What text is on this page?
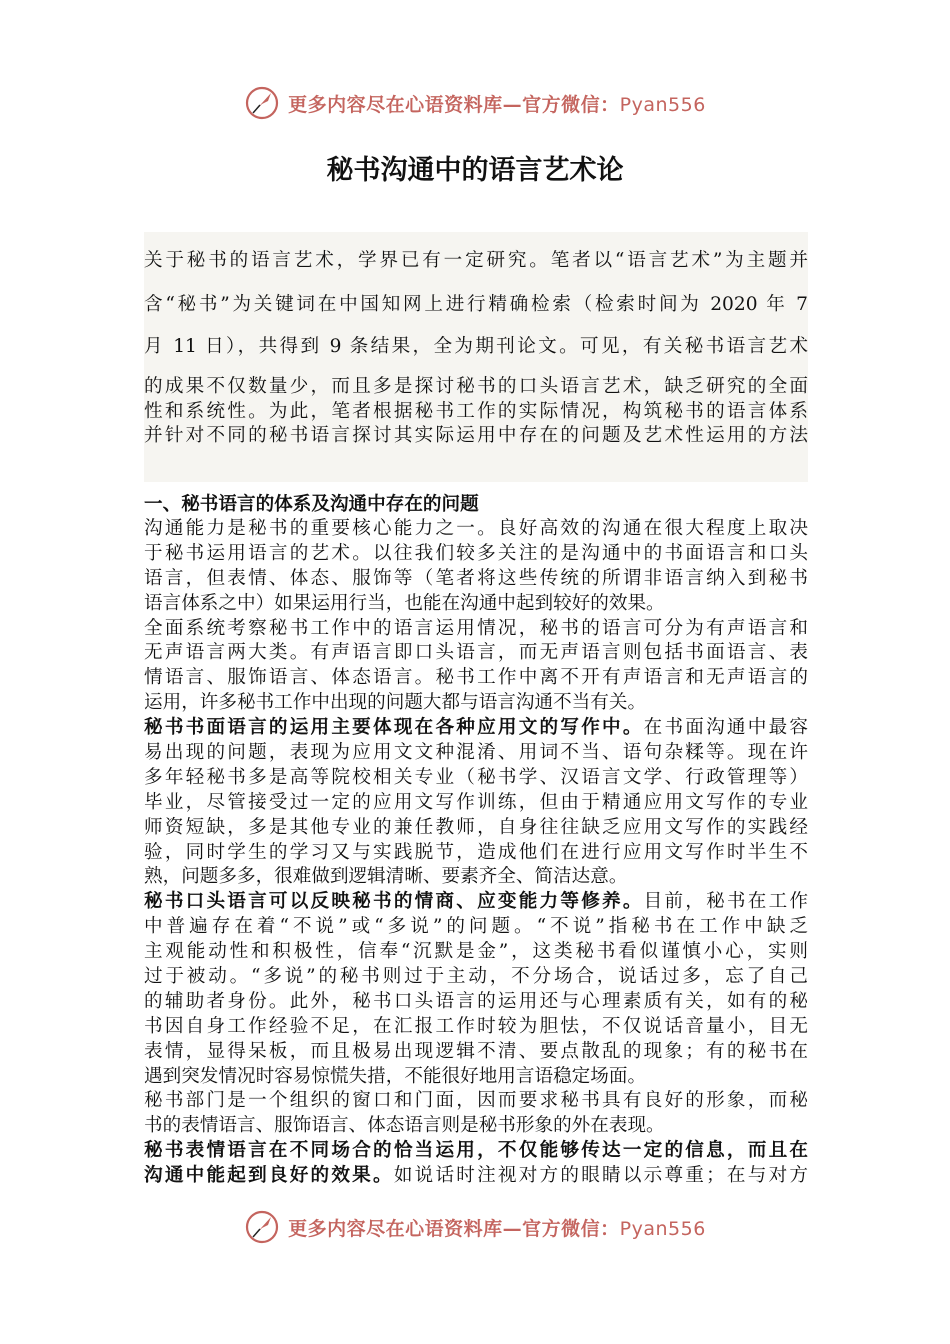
更多内容尽在心语资料库—官方微信：Pyan556
秘书沟通中的语言艺术论

关于秘书的语言艺术，学界已有一定研究。笔者以“语言艺术”为主题并

含“秘书”为关键词在中国知网上进行精确检索（检索时间为 2020 年 7

月 11 日），共得到 9 条结果，全为期刊论文。可见，有关秘书语言艺术

的成果不仅数量少，而且多是探讨秘书的口头语言艺术，缺乏研究的全面

性和系统性。为此，笔者根据秘书工作的实际情况，构筑秘书的语言体系

并针对不同的秘书语言探讨其实际运用中存在的问题及艺术性运用的方法

一、秘书语言的体系及沟通中存在的问题
沟通能力是秘书的重要核心能力之一。良好高效的沟通在很大程度上取决
于秘书运用语言的艺术。以往我们较多关注的是沟通中的书面语言和口头
语言，但表情、体态、服饰等（笔者将这些传统的所谓非语言纳入到秘书
语言体系之中）如果运用行当，也能在沟通中起到较好的效果。
全面系统考察秘书工作中的语言运用情况，秘书的语言可分为有声语言和
无声语言两大类。有声语言即口头语言，而无声语言则包括书面语言、表
情语言、服饰语言、体态语言。秘书工作中离不开有声语言和无声语言的
运用，许多秘书工作中出现的问题大都与语言沟通不当有关。
秘书书面语言的运用主要体现在各种应用文的写作中。在书面沟通中最容
易出现的问题，表现为应用文文种混淆、用词不当、语句杂糅等。现在许
多年轻秘书多是高等院校相关专业（秘书学、汉语言文学、行政管理等）
毕业，尽管接受过一定的应用文写作训练，但由于精通应用文写作的专业
师资短缺，多是其他专业的兼任教师，自身往往缺乏应用文写作的实践经
验，同时学生的学习又与实践脱节，造成他们在进行应用文写作时半生不
熟，问题多多，很难做到逻辑清晰、要素齐全、简洁达意。
秘书口头语言可以反映秘书的情商、应变能力等修养。目前，秘书在工作
中普遍存在着“不说”或“多说”的问题。“不说”指秘书在工作中缺乏
主观能动性和积极性，信奉“沉默是金”，这类秘书看似谨慎小心，实则
过于被动。“多说”的秘书则过于主动，不分场合，说话过多，忘了自己
的辅助者身份。此外，秘书口头语言的运用还与心理素质有关，如有的秘
书因自身工作经验不足，在汇报工作时较为胆怯，不仅说话音量小，目无
表情，显得呆板，而且极易出现逻辑不清、要点散乱的现象；有的秘书在
遇到突发情况时容易惊慌失措，不能很好地用言语稳定场面。
秘书部门是一个组织的窗口和门面，因而要求秘书具有良好的形象，而秘
书的表情语言、服饰语言、体态语言则是秘书形象的外在表现。
秘书表情语言在不同场合的恰当运用，不仅能够传达一定的信息，而且在
沟通中能起到良好的效果。如说话时注视对方的眼睛以示尊重；在与对方
更多内容尽在心语资料库—官方微信：Pyan556
